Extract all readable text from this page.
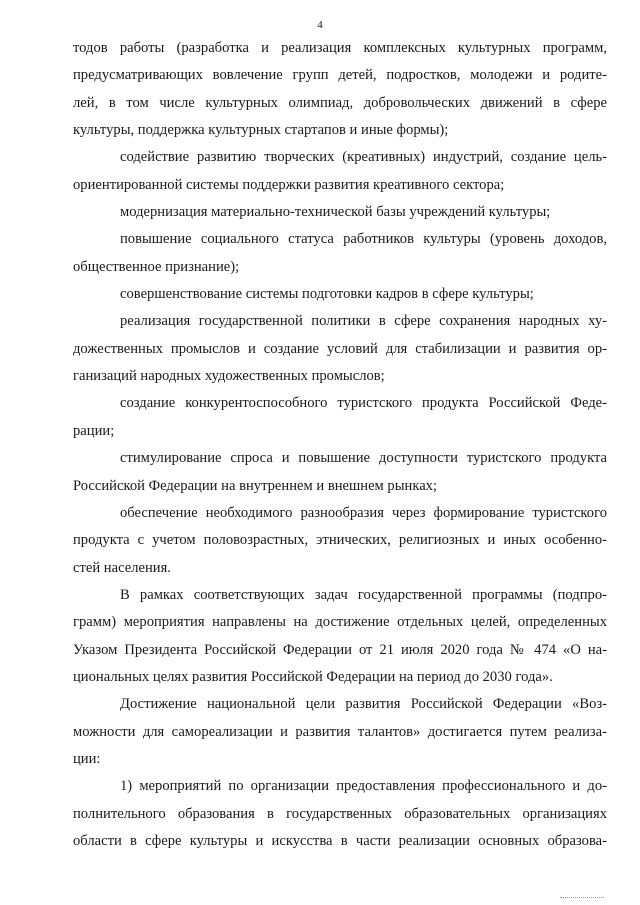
4
тодов работы (разработка и реализация комплексных культурных программ,
предусматривающих вовлечение групп детей, подростков, молодежи и родите-
лей, в том числе культурных олимпиад, добровольческих движений в сфере
культуры, поддержка культурных стартапов и иные формы);
содействие развитию творческих (креативных) индустрий, создание цель-
ориентированной системы поддержки развития креативного сектора;
модернизация материально-технической базы учреждений культуры;
повышение социального статуса работников культуры (уровень доходов,
общественное признание);
совершенствование системы подготовки кадров в сфере культуры;
реализация государственной политики в сфере сохранения народных ху-
дожественных промыслов и создание условий для стабилизации и развития ор-
ганизаций народных художественных промыслов;
создание конкурентоспособного туристского продукта Российской Феде-
рации;
стимулирование спроса и повышение доступности туристского продукта
Российской Федерации на внутреннем и внешнем рынках;
обеспечение необходимого разнообразия через формирование туристского
продукта с учетом половозрастных, этнических, религиозных и иных особенно-
стей населения.
В рамках соответствующих задач государственной программы (подпро-
грамм) мероприятия направлены на достижение отдельных целей, определенных
Указом Президента Российской Федерации от 21 июля 2020 года № 474 «О на-
циональных целях развития Российской Федерации на период до 2030 года».
Достижение национальной цели развития Российской Федерации «Воз-
можности для самореализации и развития талантов» достигается путем реализа-
ции:
1) мероприятий по организации предоставления профессионального и до-
полнительного образования в государственных образовательных организациях
области в сфере культуры и искусства в части реализации основных образова-
